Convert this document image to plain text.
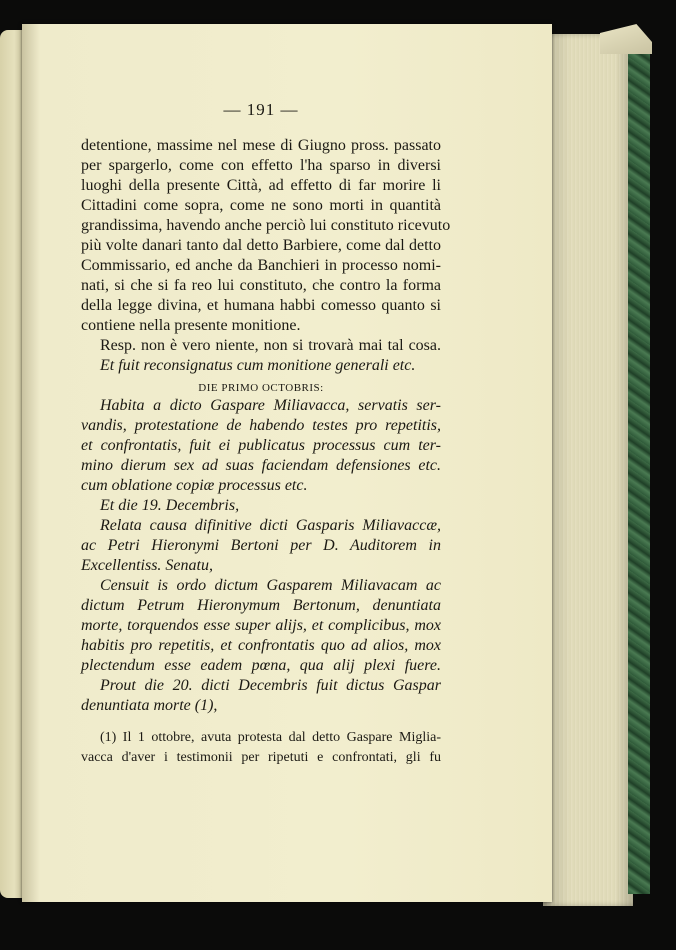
— 191 —
detentione, massime nel mese di Giugno pross. passato
per spargerlo, come con effetto l'ha sparso in diversi
luoghi della presente Città, ad effetto di far morire li
Cittadini come sopra, come ne sono morti in quantità
grandissima, havendo anche perciò lui constituto ricevuto
più volte danari tanto dal detto Barbiere, come dal detto
Commissario, ed anche da Banchieri in processo nomi-
nati, si che si fa reo lui constituto, che contro la forma
della legge divina, et humana habbi comesso quanto si
contiene nella presente monitione.
Resp. non è vero niente, non si trovarà mai tal cosa.
Et fuit reconsignatus cum monitione generali etc.
DIE PRIMO OCTOBRIS:
Habita a dicto Gaspare Miliavacca, servatis ser-
vandis, protestatione de habendo testes pro repetitis,
et confrontatis, fuit ei publicatus processus cum ter-
mino dierum sex ad suas faciendam defensiones etc.
cum oblatione copiæ processus etc.
Et die 19. Decembris,
Relata causa difinitive dicti Gasparis Miliavaccæ,
ac Petri Hieronymi Bertoni per D. Auditorem in
Excellentiss. Senatu,
Censuit is ordo dictum Gasparem Miliavacam ac
dictum Petrum Hieronymum Bertonum, denuntiata
morte, torquendos esse super alijs, et complicibus, mox
habitis pro repetitis, et confrontatis quo ad alios, mox
plectendum esse eadem pœna, qua alij plexi fuere.
Prout die 20. dicti Decembris fuit dictus Gaspar
denuntiata morte (1),
(1) Il 1 ottobre, avuta protesta dal detto Gaspare Miglia-
vacca d'aver i testimonii per ripetuti e confrontati, gli fu
